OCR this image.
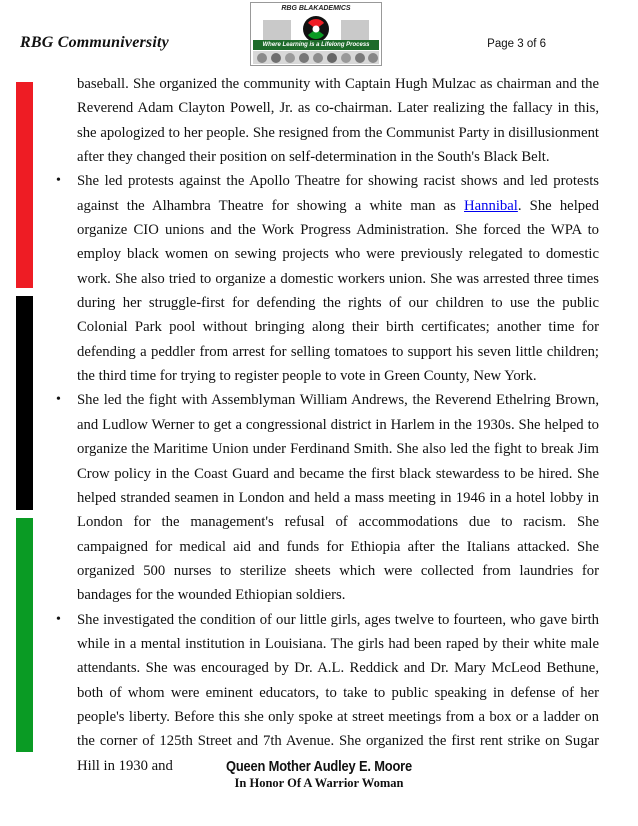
RBG Communiversity
RBG BLAKADEMICS
Where Learning is a Lifelong Process	Page 3 of 6

baseball. She organized the community with Captain Hugh Mulzac as chairman and the Reverend Adam Clayton Powell, Jr. as co-chairman. Later realizing the fallacy in this, she apologized to her people. She resigned from the Communist Party in disillusionment after they changed their position on self-determination in the South's Black Belt.

• She led protests against the Apollo Theatre for showing racist shows and led protests against the Alhambra Theatre for showing a white man as Hannibal. She helped organize CIO unions and the Work Progress Administration. She forced the WPA to employ black women on sewing projects who were previously relegated to domestic work. She also tried to organize a domestic workers union. She was arrested three times during her struggle-first for defending the rights of our children to use the public Colonial Park pool without bringing along their birth certificates; another time for defending a peddler from arrest for selling tomatoes to support his seven little children; the third time for trying to register people to vote in Green County, New York.
• She led the fight with Assemblyman William Andrews, the Reverend Ethelring Brown, and Ludlow Werner to get a congressional district in Harlem in the 1930s. She helped to organize the Maritime Union under Ferdinand Smith. She also led the fight to break Jim Crow policy in the Coast Guard and became the first black stewardess to be hired. She helped stranded seamen in London and held a mass meeting in 1946 in a hotel lobby in London for the management's refusal of accommodations due to racism. She campaigned for medical aid and funds for Ethiopia after the Italians attacked. She organized 500 nurses to sterilize sheets which were collected from laundries for bandages for the wounded Ethiopian soldiers.
• She investigated the condition of our little girls, ages twelve to fourteen, who gave birth while in a mental institution in Louisiana. The girls had been raped by their white male attendants. She was encouraged by Dr. A.L. Reddick and Dr. Mary McLeod Bethune, both of whom were eminent educators, to take to public speaking in defense of her people's liberty. Before this she only spoke at street meetings from a box or a ladder on the corner of 125th Street and 7th Avenue. She organized the first rent strike on Sugar Hill in 1930 and	Queen Mother Audley E. Moore
In Honor Of A Warrior Woman
